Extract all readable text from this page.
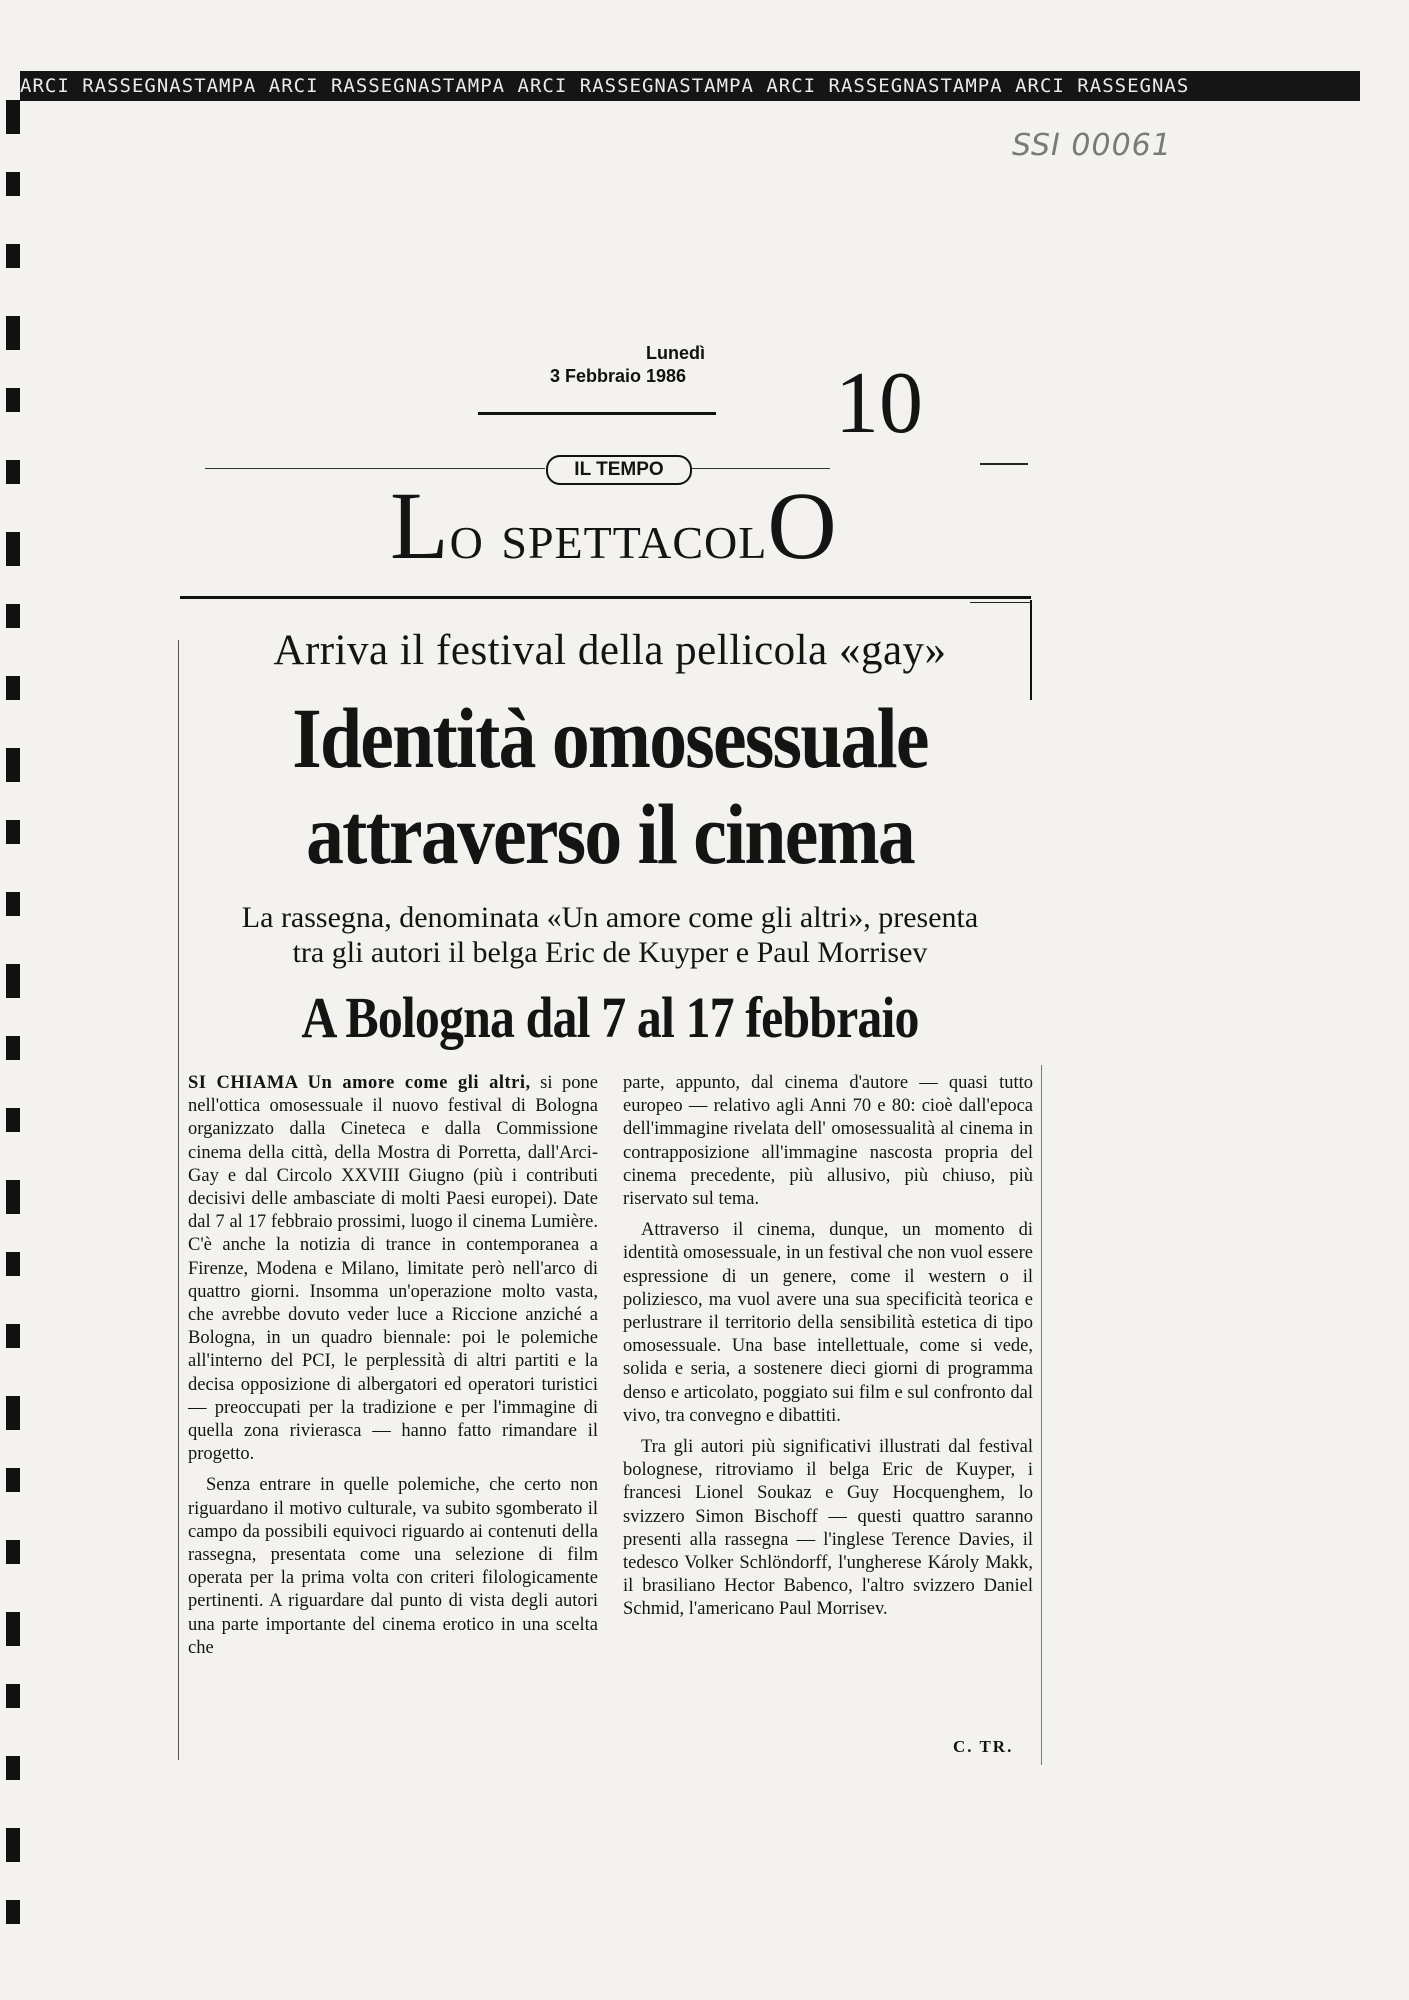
ARCI RASSEGNASTAMPA ARCI RASSEGNASTAMPA ARCI RASSEGNASTAMPA ARCI RASSEGNASTAMPA ARCI RASSEGNAS
SSI 00061
Lunedì
3 Febbraio 1986 10
IL TEMPO
Lo spettacolO
Arriva il festival della pellicola «gay»
Identità omosessuale
attraverso il cinema
La rassegna, denominata «Un amore come gli altri», presenta
tra gli autori il belga Eric de Kuyper e Paul Morrisev
A Bologna dal 7 al 17 febbraio

SI CHIAMA Un amore come gli altri, si pone nell'ottica omosessuale il nuovo festival di Bologna organizzato dalla Cineteca e dalla Commissione cinema della città, della Mostra di Porretta, dall'Arci-Gay e dal Circolo XXVIII Giugno (più i contributi decisivi delle ambasciate di molti Paesi europei). Date dal 7 al 17 febbraio prossimi, luogo il cinema Lumière. C'è anche la notizia di trance in contemporanea a Firenze, Modena e Milano, limitate però nell'arco di quattro giorni. Insomma un'operazione molto vasta, che avrebbe dovuto veder luce a Riccione anziché a Bologna, in un quadro biennale: poi le polemiche all'interno del PCI, le perplessità di altri partiti e la decisa opposizione di albergatori ed operatori turistici — preoccupati per la tradizione e per l'immagine di quella zona rivierasca — hanno fatto rimandare il progetto.

Senza entrare in quelle polemiche, che certo non riguardano il motivo culturale, va subito sgomberato il campo da possibili equivoci riguardo ai contenuti della rassegna, presentata come una selezione di film operata per la prima volta con criteri filologicamente pertinenti. A riguardare dal punto di vista degli autori una parte importante del cinema erotico in una scelta che

parte, appunto, dal cinema d'autore — quasi tutto europeo — relativo agli Anni 70 e 80: cioè dall'epoca dell'immagine rivelata dell' omosessualità al cinema in contrapposizione all'immagine nascosta propria del cinema precedente, più allusivo, più chiuso, più riservato sul tema.

Attraverso il cinema, dunque, un momento di identità omosessuale, in un festival che non vuol essere espressione di un genere, come il western o il poliziesco, ma vuol avere una sua specificità teorica e perlustrare il territorio della sensibilità estetica di tipo omosessuale. Una base intellettuale, come si vede, solida e seria, a sostenere dieci giorni di programma denso e articolato, poggiato sui film e sul confronto dal vivo, tra convegno e dibattiti.

Tra gli autori più significativi illustrati dal festival bolognese, ritroviamo il belga Eric de Kuyper, i francesi Lionel Soukaz e Guy Hocquenghem, lo svizzero Simon Bischoff — questi quattro saranno presenti alla rassegna — l'inglese Terence Davies, il tedesco Volker Schlöndorff, l'ungherese Károly Makk, il brasiliano Hector Babenco, l'altro svizzero Daniel Schmid, l'americano Paul Morrisev.

C. TR.
